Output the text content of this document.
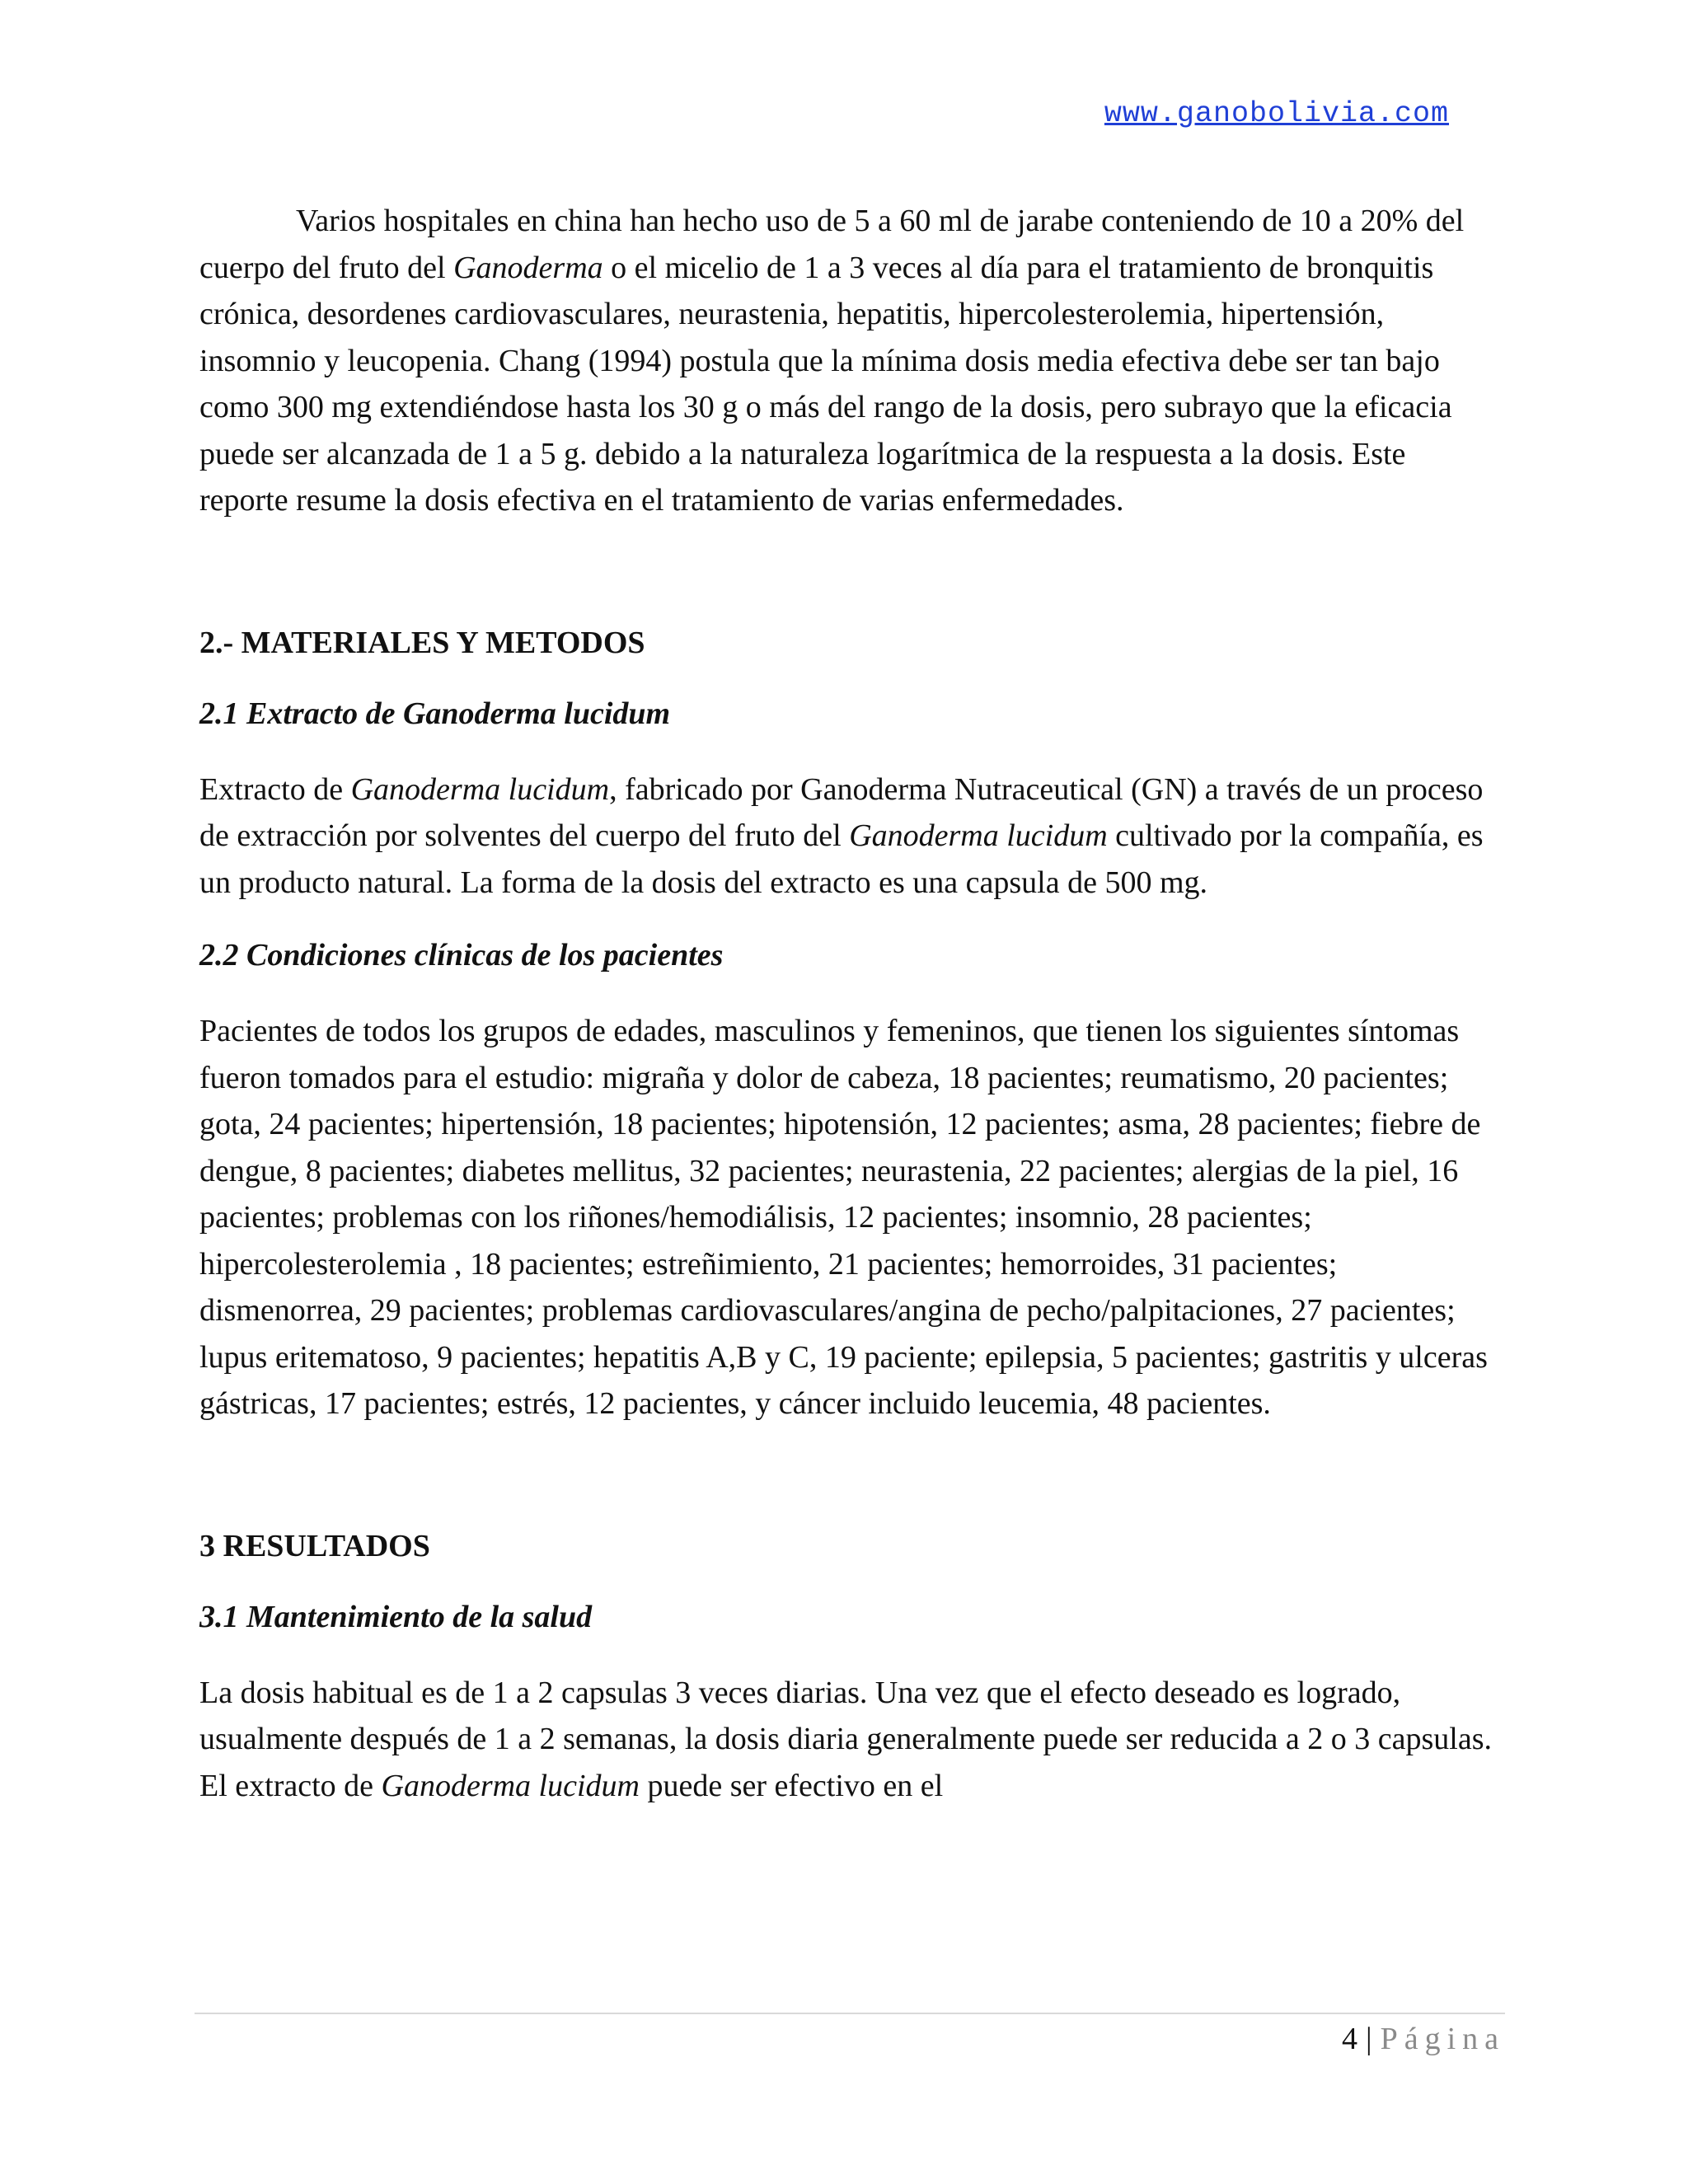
www.ganobolivia.com

Varios hospitales en china han hecho uso de 5 a 60 ml de jarabe conteniendo de 10 a 20% del cuerpo del fruto del Ganoderma o el micelio de 1 a 3 veces al día para el tratamiento de bronquitis crónica, desordenes cardiovasculares, neurastenia, hepatitis, hipercolesterolemia, hipertensión, insomnio y leucopenia. Chang (1994) postula que la mínima dosis media efectiva debe ser tan bajo como 300 mg extendiéndose hasta los 30 g o más del rango de la dosis, pero subrayo que la eficacia puede ser alcanzada de 1 a 5 g. debido a la naturaleza logarítmica de la respuesta a la dosis. Este reporte resume la dosis efectiva en el tratamiento de varias enfermedades.

2.- MATERIALES Y METODOS

2.1 Extracto de Ganoderma lucidum

Extracto de Ganoderma lucidum, fabricado por Ganoderma Nutraceutical (GN) a través de un proceso de extracción por solventes del cuerpo del fruto del Ganoderma lucidum cultivado por la compañía, es un producto natural. La forma de la dosis del extracto es una capsula de 500 mg.

2.2 Condiciones clínicas de los pacientes

Pacientes de todos los grupos de edades, masculinos y femeninos, que tienen los siguientes síntomas fueron tomados para el estudio: migraña y dolor de cabeza, 18 pacientes; reumatismo, 20 pacientes; gota, 24 pacientes; hipertensión, 18 pacientes; hipotensión, 12 pacientes; asma, 28 pacientes; fiebre de dengue, 8 pacientes; diabetes mellitus, 32 pacientes; neurastenia, 22 pacientes; alergias de la piel, 16 pacientes; problemas con los riñones/hemodiálisis, 12 pacientes; insomnio, 28 pacientes; hipercolesterolemia , 18 pacientes; estreñimiento, 21 pacientes; hemorroides, 31 pacientes; dismenorrea, 29 pacientes; problemas cardiovasculares/angina de pecho/palpitaciones, 27 pacientes; lupus eritematoso, 9 pacientes; hepatitis A,B y C, 19 paciente; epilepsia, 5 pacientes; gastritis y ulceras gástricas, 17 pacientes; estrés, 12 pacientes, y cáncer incluido leucemia, 48 pacientes.

3 RESULTADOS

3.1 Mantenimiento de la salud

La dosis habitual es de 1 a 2 capsulas 3 veces diarias. Una vez que el efecto deseado es logrado, usualmente después de 1 a 2 semanas, la dosis diaria generalmente puede ser reducida a 2 o 3 capsulas. El extracto de Ganoderma lucidum puede ser efectivo en el

4 | Página
